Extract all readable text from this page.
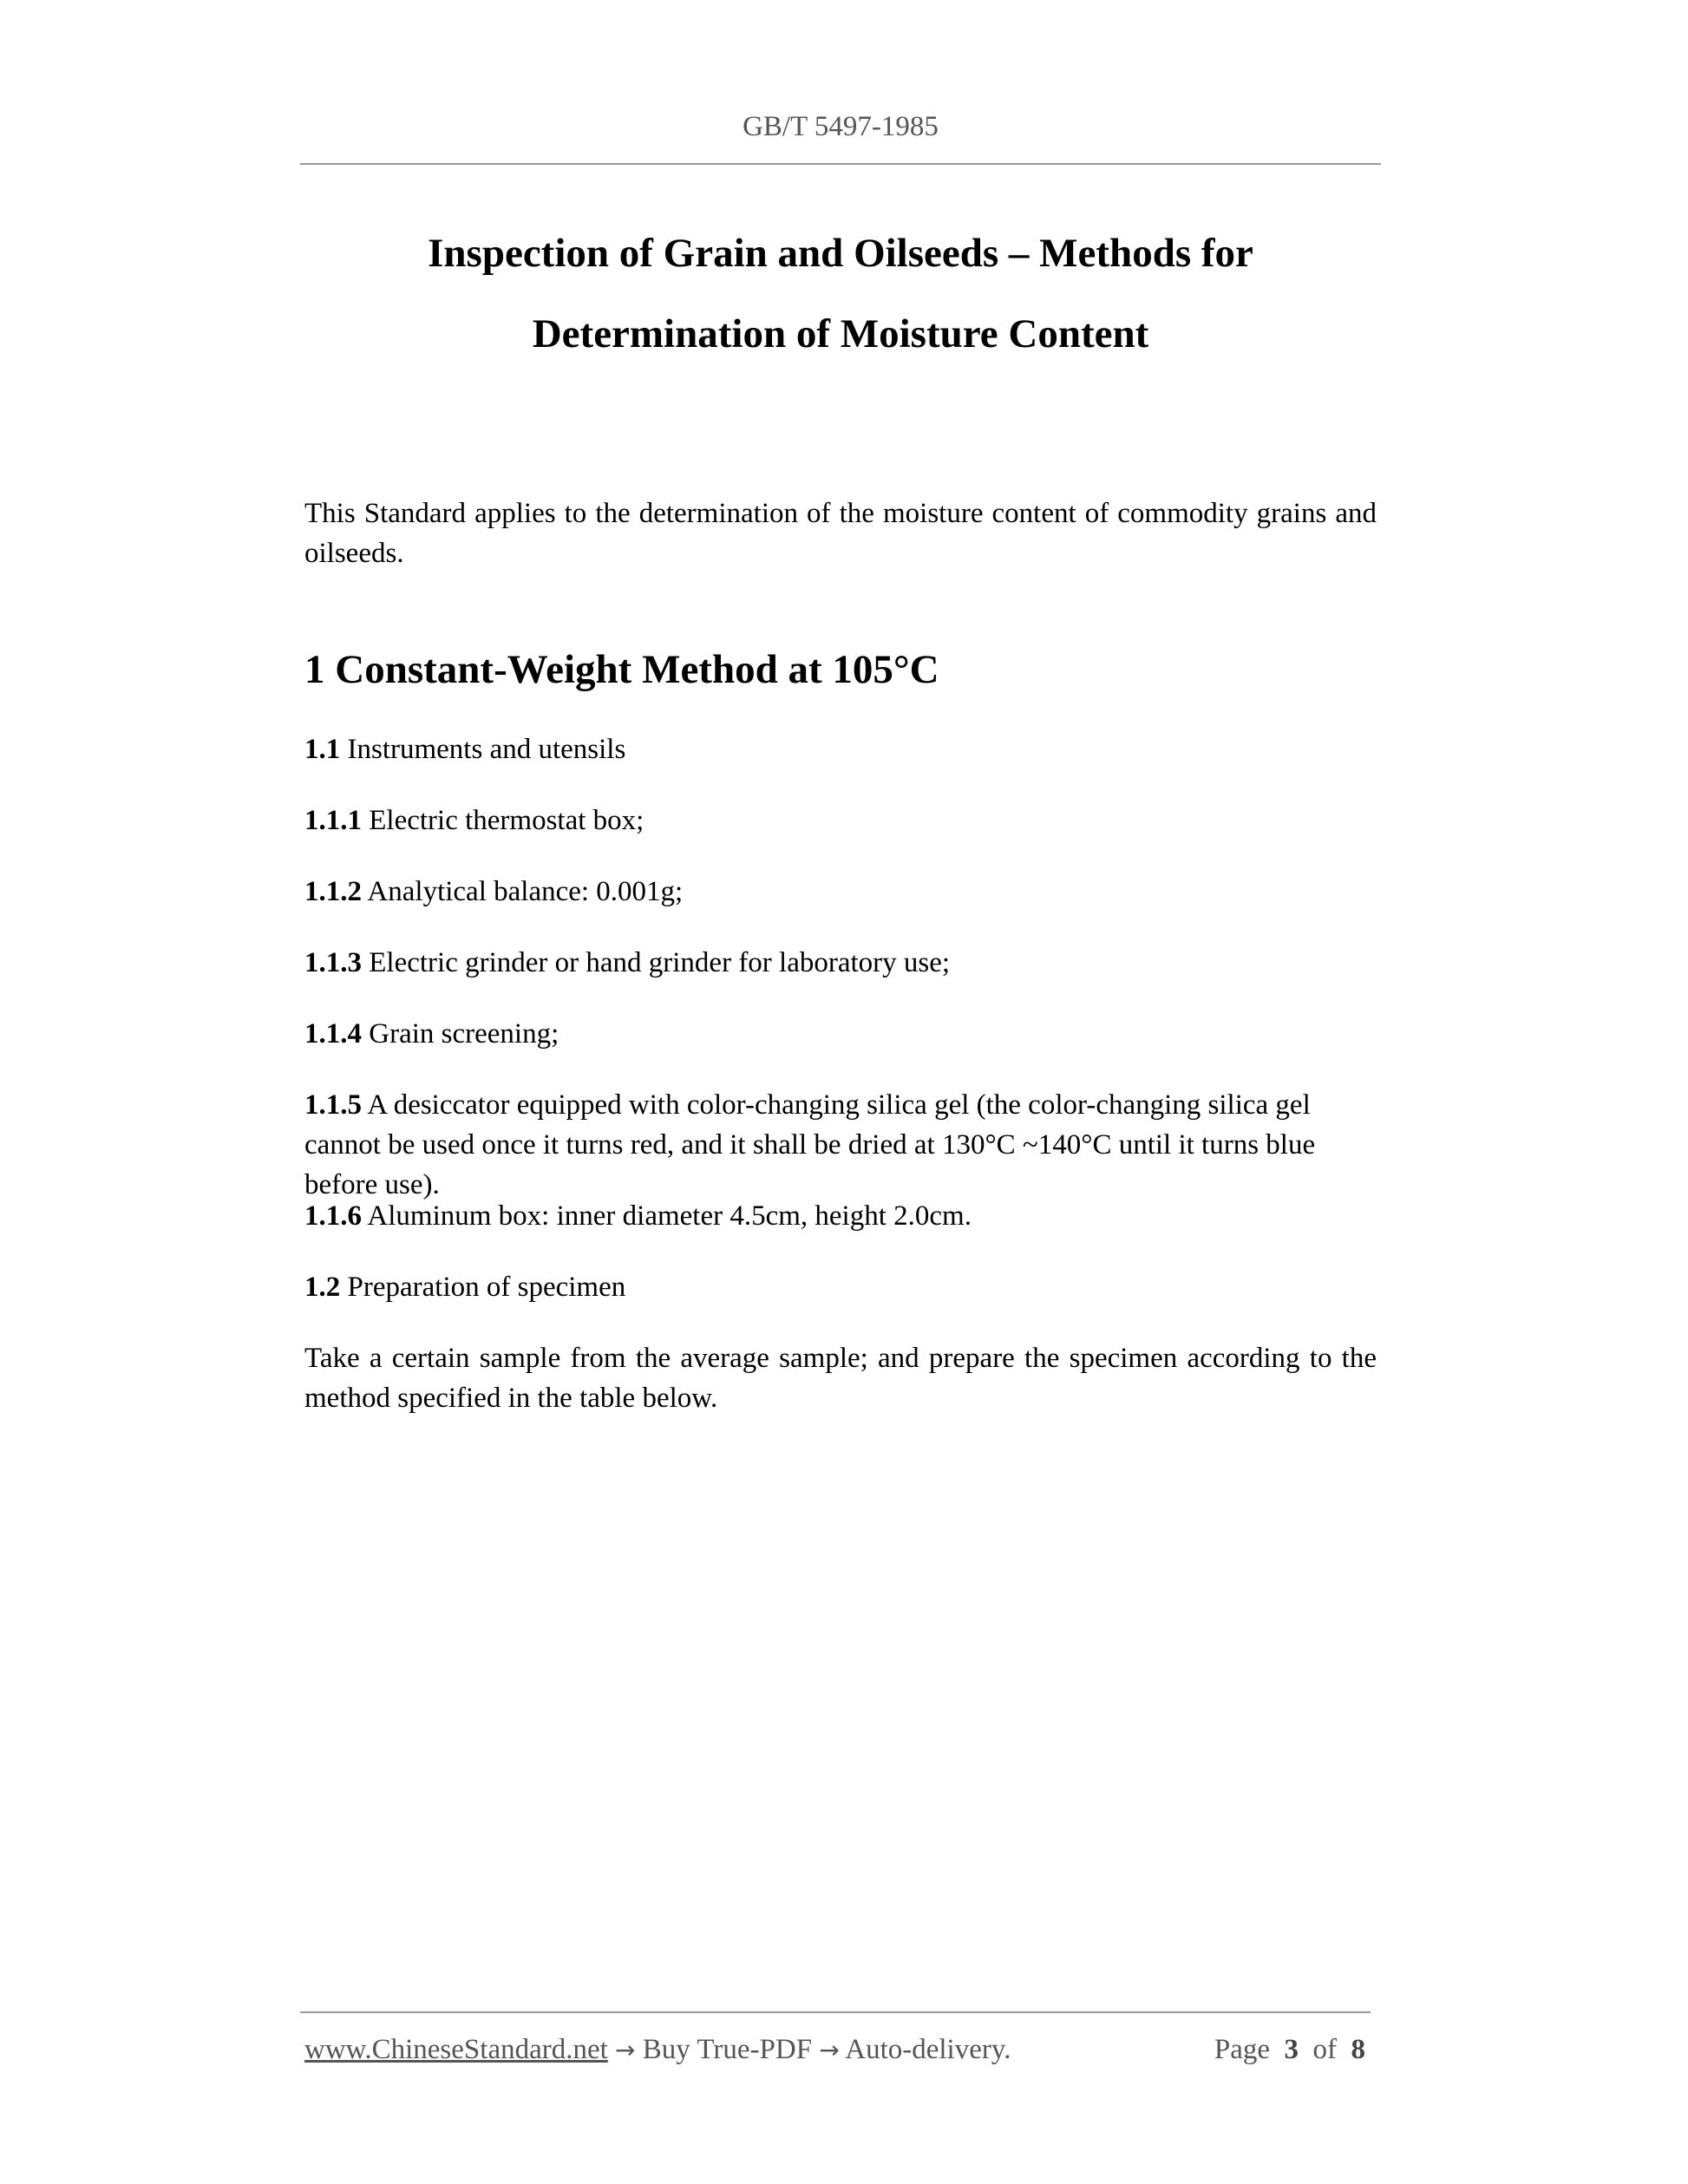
GB/T 5497-1985
Inspection of Grain and Oilseeds – Methods for
Determination of Moisture Content
This Standard applies to the determination of the moisture content of commodity grains and oilseeds.
1 Constant-Weight Method at 105°C
1.1 Instruments and utensils
1.1.1 Electric thermostat box;
1.1.2 Analytical balance: 0.001g;
1.1.3 Electric grinder or hand grinder for laboratory use;
1.1.4 Grain screening;
1.1.5 A desiccator equipped with color-changing silica gel (the color-changing silica gel cannot be used once it turns red, and it shall be dried at 130°C ~140°C until it turns blue before use).
1.1.6 Aluminum box: inner diameter 4.5cm, height 2.0cm.
1.2 Preparation of specimen
Take a certain sample from the average sample; and prepare the specimen according to the method specified in the table below.
www.ChineseStandard.net → Buy True-PDF → Auto-delivery.	Page 3 of 8
